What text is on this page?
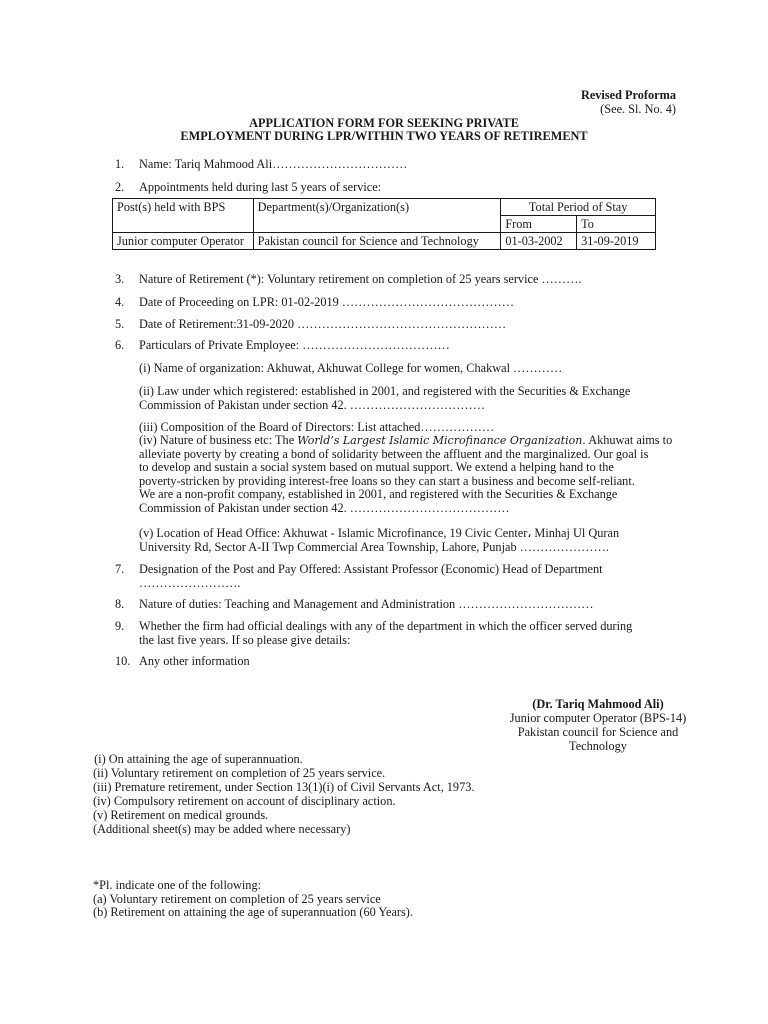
Revised Proforma
(See. Sl. No. 4)
APPLICATION FORM FOR SEEKING PRIVATE
EMPLOYMENT DURING LPR/WITHIN TWO YEARS OF RETIREMENT
1. Name: Tariq Mahmood Ali……………………………
2. Appointments held during last 5 years of service:
Post(s) held with BPS	Department(s)/Organization(s)	Total Period of Stay	
		From	To
Junior computer Operator	Pakistan council for Science and Technology	01-03-2002	31-09-2019
3. Nature of Retirement (*): Voluntary retirement on completion of 25 years service ……….
4. Date of Proceeding on LPR: 01-02-2019 ……………………………………
5. Date of Retirement:31-09-2020 ……………………………………………
6. Particulars of Private Employee: ………………………………
(i) Name of organization: Akhuwat, Akhuwat College for women, Chakwal …………
(ii) Law under which registered: established in 2001, and registered with the Securities & Exchange
Commission of Pakistan under section 42. ……………………………
(iii) Composition of the Board of Directors: List attached………………
(iv) Nature of business etc: The World’s Largest Islamic Microfinance Organization. Akhuwat aims to
alleviate poverty by creating a bond of solidarity between the affluent and the marginalized. Our goal is
to develop and sustain a social system based on mutual support. We extend a helping hand to the
poverty-stricken by providing interest-free loans so they can start a business and become self-reliant.
We are a non-profit company, established in 2001, and registered with the Securities & Exchange
Commission of Pakistan under section 42. …………………………………
(v) Location of Head Office: Akhuwat - Islamic Microfinance, 19 Civic Center، Minhaj Ul Quran
University Rd, Sector A-II Twp Commercial Area Township, Lahore, Punjab ………………….
7. Designation of the Post and Pay Offered: Assistant Professor (Economic) Head of Department
…………………….
8. Nature of duties: Teaching and Management and Administration ……………………………
9. Whether the firm had official dealings with any of the department in which the officer served during
the last five years. If so please give details:
10. Any other information
(Dr. Tariq Mahmood Ali)
Junior computer Operator (BPS-14)
Pakistan council for Science and
Technology
(i) On attaining the age of superannuation.
(ii) Voluntary retirement on completion of 25 years service.
(iii) Premature retirement, under Section 13(1)(i) of Civil Servants Act, 1973.
(iv) Compulsory retirement on account of disciplinary action.
(v) Retirement on medical grounds.
(Additional sheet(s) may be added where necessary)
*Pl. indicate one of the following:
(a) Voluntary retirement on completion of 25 years service
(b) Retirement on attaining the age of superannuation (60 Years).
